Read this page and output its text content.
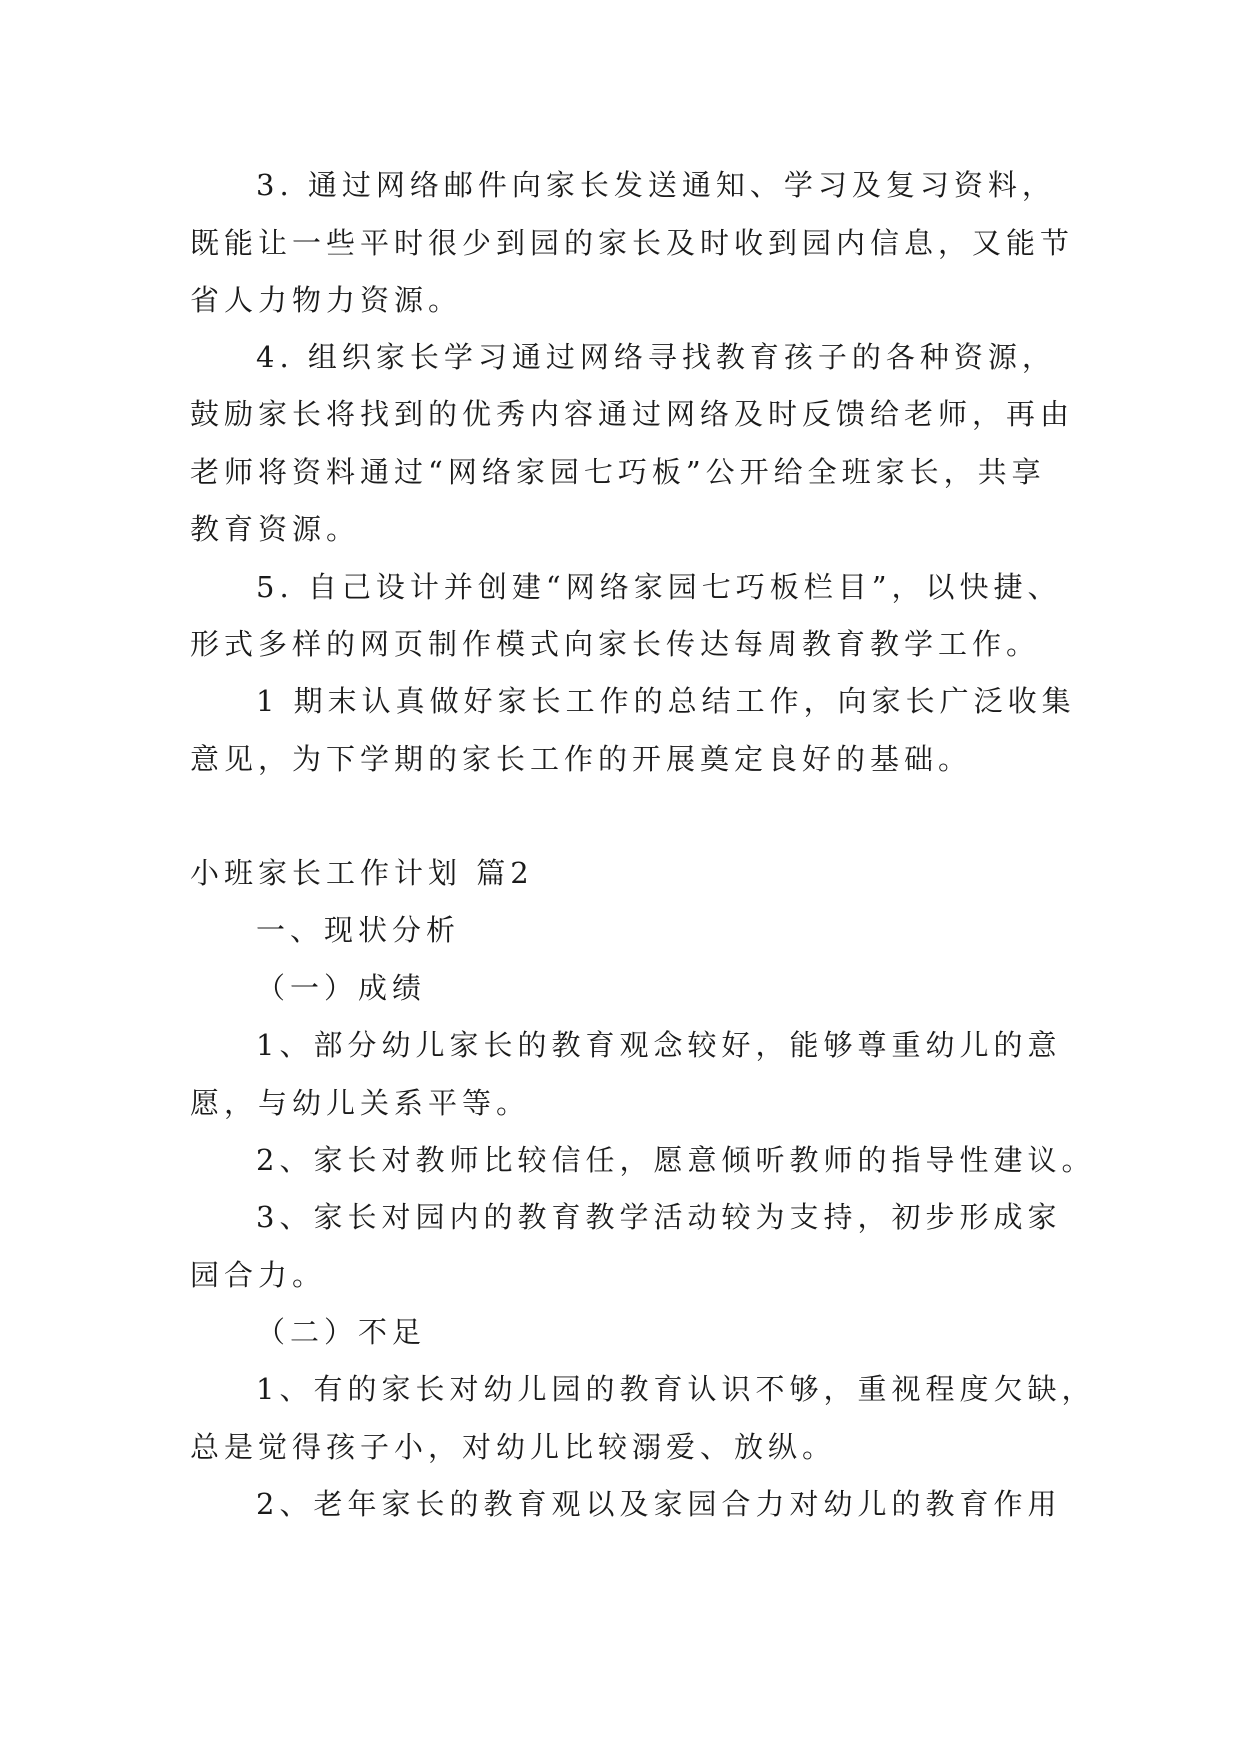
3. 通过网络邮件向家长发送通知、学习及复习资料，
既能让一些平时很少到园的家长及时收到园内信息，又能节
省人力物力资源。
4. 组织家长学习通过网络寻找教育孩子的各种资源，
鼓励家长将找到的优秀内容通过网络及时反馈给老师，再由
老师将资料通过“网络家园七巧板”公开给全班家长，共享
教育资源。
5. 自己设计并创建“网络家园七巧板栏目”，以快捷、
形式多样的网页制作模式向家长传达每周教育教学工作。
1 期末认真做好家长工作的总结工作，向家长广泛收集
意见，为下学期的家长工作的开展奠定良好的基础。
小班家长工作计划 篇2
一、现状分析
（一）成绩
1、部分幼儿家长的教育观念较好，能够尊重幼儿的意
愿，与幼儿关系平等。
2、家长对教师比较信任，愿意倾听教师的指导性建议。
3、家长对园内的教育教学活动较为支持，初步形成家
园合力。
（二）不足
1、有的家长对幼儿园的教育认识不够，重视程度欠缺，
总是觉得孩子小，对幼儿比较溺爱、放纵。
2、老年家长的教育观以及家园合力对幼儿的教育作用
